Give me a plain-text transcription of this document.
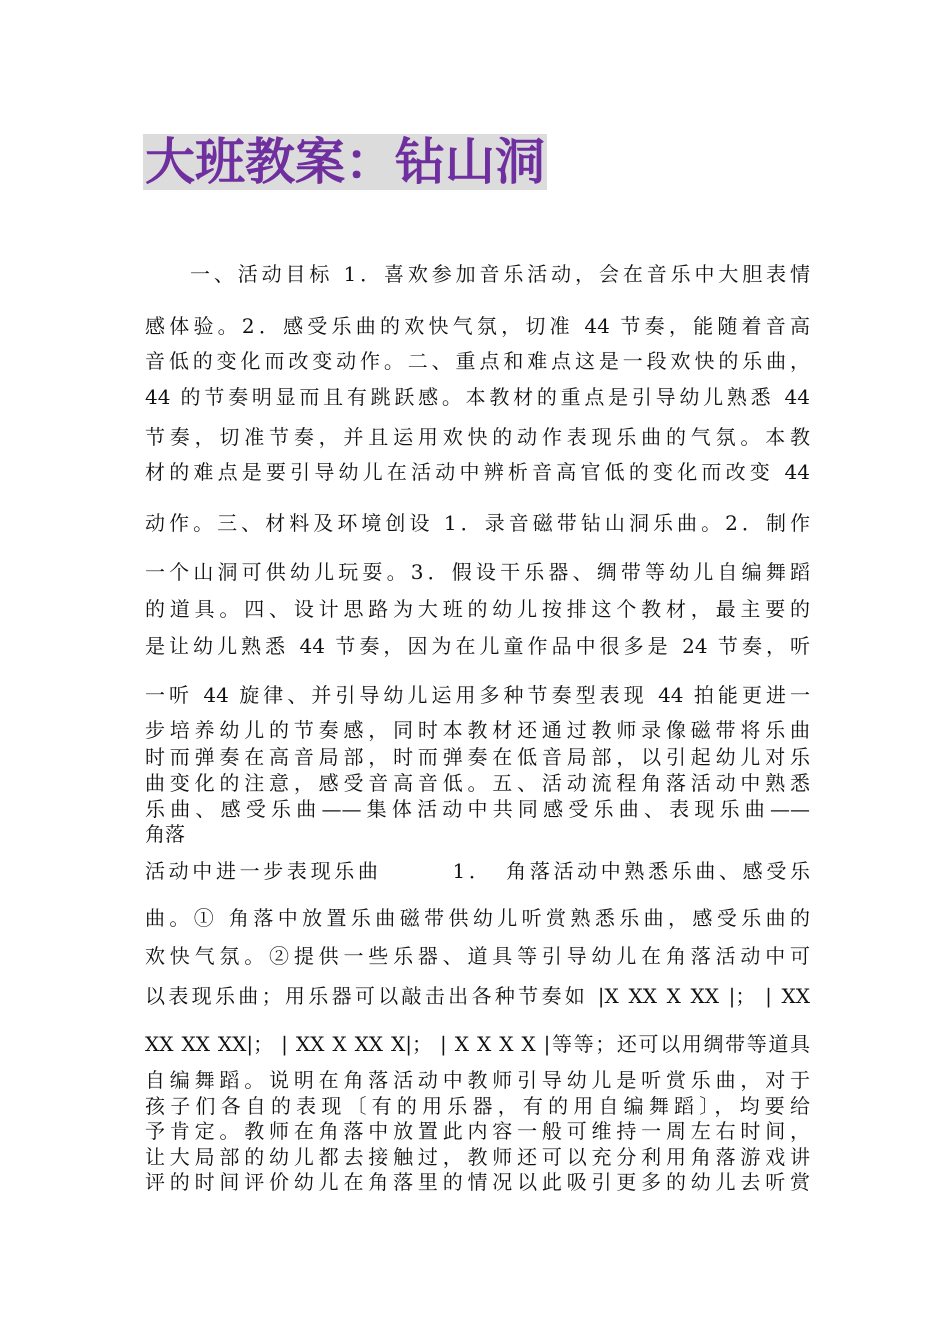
大班教案：钻山洞
一、活动目标 1．喜欢参加音乐活动，会在音乐中大胆表情
感体验。2．感受乐曲的欢快气氛，切准 44 节奏，能随着音高
音低的变化而改变动作。二、重点和难点这是一段欢快的乐曲，
44 的节奏明显而且有跳跃感。本教材的重点是引导幼儿熟悉 44
节奏，切准节奏，并且运用欢快的动作表现乐曲的气氛。本教
材的难点是要引导幼儿在活动中辨析音高官低的变化而改变 44
动作。三、材料及环境创设 1．录音磁带钻山洞乐曲。2．制作
一个山洞可供幼儿玩耍。3．假设干乐器、绸带等幼儿自编舞蹈
的道具。四、设计思路为大班的幼儿按排这个教材，最主要的
是让幼儿熟悉 44 节奏，因为在儿童作品中很多是 24 节奏，听
一听 44 旋律、并引导幼儿运用多种节奏型表现 44 拍能更进一
步培养幼儿的节奏感，同时本教材还通过教师录像磁带将乐曲
时而弹奏在高音局部，时而弹奏在低音局部，以引起幼儿对乐
曲变化的注意，感受音高音低。五、活动流程角落活动中熟悉
乐曲、感受乐曲——集体活动中共同感受乐曲、表现乐曲——
角落
活动中进一步表现乐曲　　　1．　角落活动中熟悉乐曲、感受乐
曲。① 角落中放置乐曲磁带供幼儿听赏熟悉乐曲，感受乐曲的
欢快气氛。②提供一些乐器、道具等引导幼儿在角落活动中可
以表现乐曲；用乐器可以敲击出各种节奏如 |X XX X XX |； | XX
XX XX XX|； | XX X XX X|； | X X X X |等等；还可以用绸带等道具
自编舞蹈。说明在角落活动中教师引导幼儿是听赏乐曲，对于
孩子们各自的表现〔有的用乐器，有的用自编舞蹈〕，均要给
予肯定。教师在角落中放置此内容一般可维持一周左右时间，
让大局部的幼儿都去接触过，教师还可以充分利用角落游戏讲
评的时间评价幼儿在角落里的情况以此吸引更多的幼儿去听赏
